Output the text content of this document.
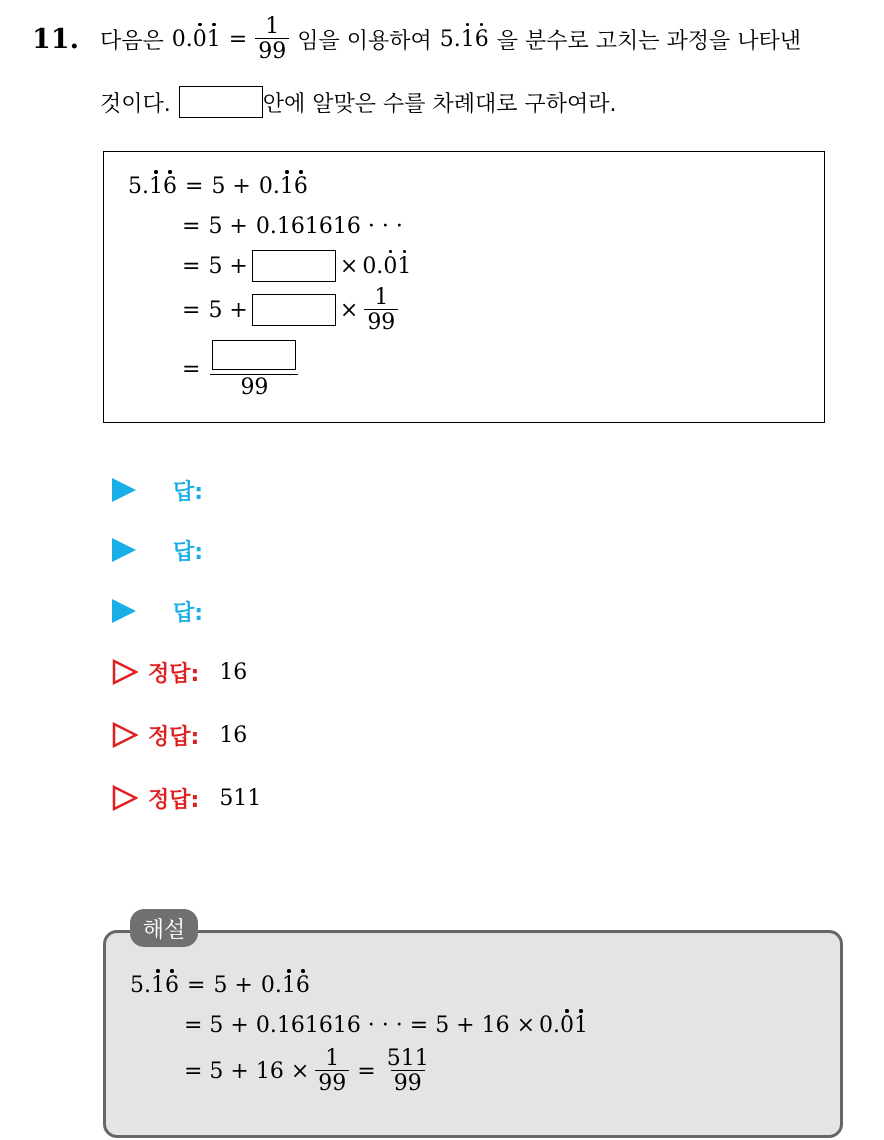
11. 다음은 $0.01 = \frac{1}{99}$ 임을 이용하여 5.16 을 분수로 고치는 과정을 나타낸
것이다.	안에 알맞은 수를 차례대로 구하여라.
5. 1 6 = 5 + 0.16
= 5 + 0.161616 · · ·
= 5 +	× 0.01
= 5 +	× $\frac{1}{99}$
=
99
답:
답:
답:
정답: 16
정답: 16
정답: 511
5. 1 6 = 5 + 0.16
= 5 + 0.161616 · · · = 5 + 16 × 0.01
= $5 + 16 \times \frac{1}{99} = \frac{511}{99}$
해설
